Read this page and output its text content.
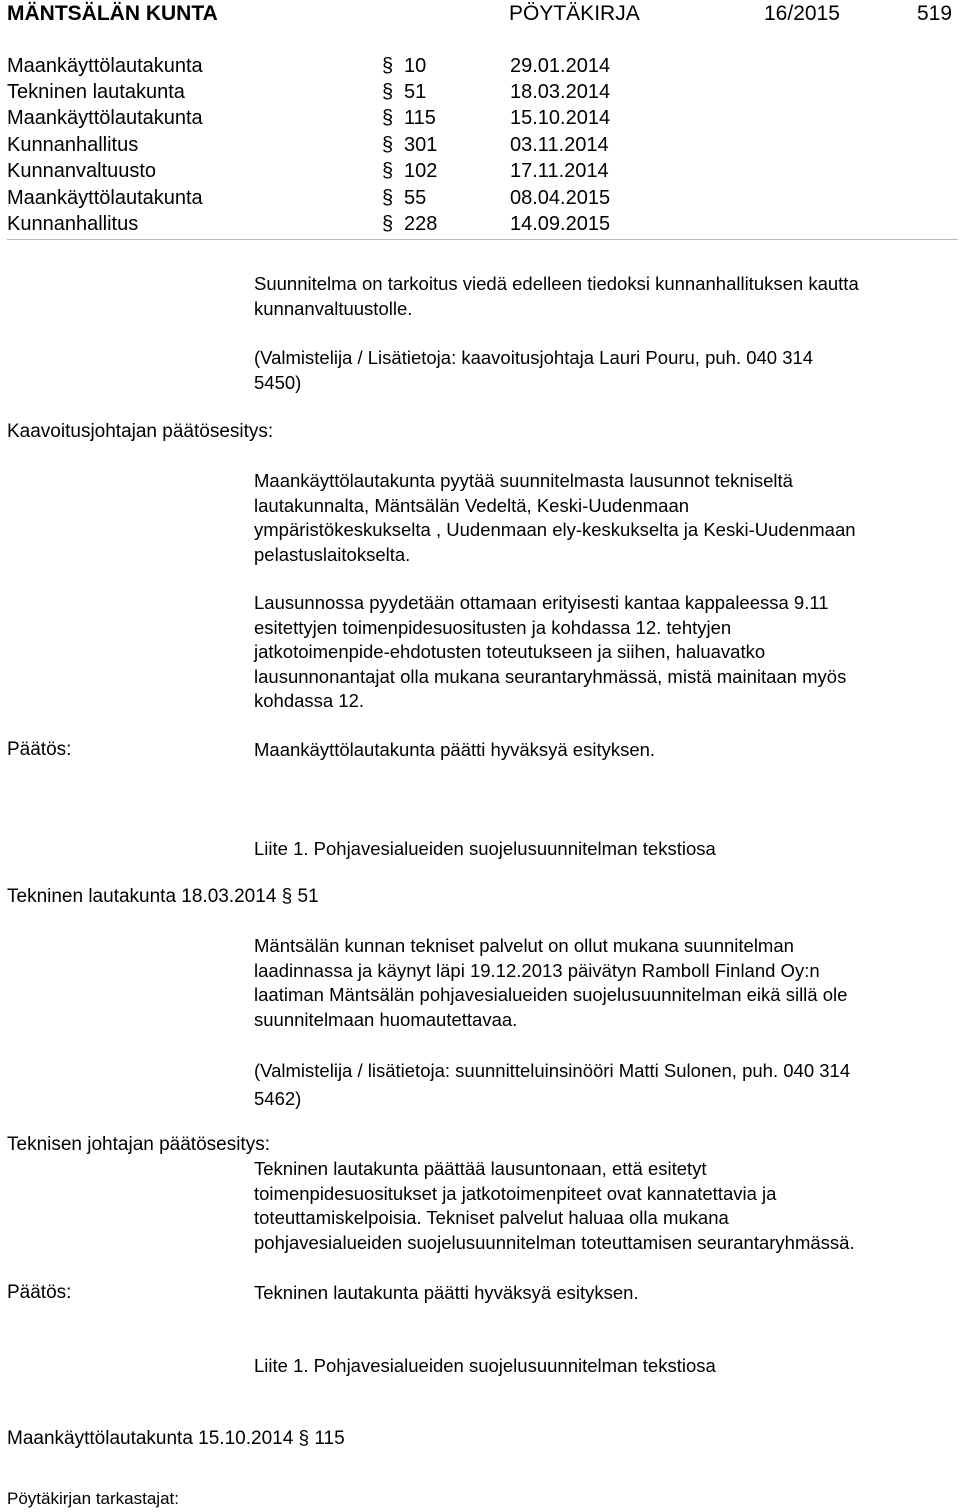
MÄNTSÄLÄN KUNTA	PÖYTÄKIRJA	16/2015	519
Maankäyttölautakunta	§ 10	29.01.2014
Tekninen lautakunta	§ 51	18.03.2014
Maankäyttölautakunta	§ 115	15.10.2014
Kunnanhallitus	§ 301	03.11.2014
Kunnanvaltuusto	§ 102	17.11.2014
Maankäyttölautakunta	§ 55	08.04.2015
Kunnanhallitus	§ 228	14.09.2015

Suunnitelma on tarkoitus viedä edelleen tiedoksi kunnanhallituksen kautta

kunnanvaltuustolle.

(Valmistelija / Lisätietoja: kaavoitusjohtaja Lauri Pouru, puh. 040 314

5450)

Kaavoitusjohtajan päätösesitys:

Maankäyttölautakunta pyytää suunnitelmasta lausunnot tekniseltä

lautakunnalta, Mäntsälän Vedeltä, Keski-Uudenmaan

ympäristökeskukselta , Uudenmaan ely-keskukselta ja Keski-Uudenmaan

pelastuslaitokselta.

Lausunnossa pyydetään ottamaan erityisesti kantaa kappaleessa 9.11

esitettyjen toimenpidesuositusten ja kohdassa 12. tehtyjen

jatkotoimenpide-ehdotusten toteutukseen ja siihen, haluavatko

lausunnonantajat olla mukana seurantaryhmässä, mistä mainitaan myös

kohdassa 12.

Päätös:	Maankäyttölautakunta päätti hyväksyä esityksen.
Liite 1. Pohjavesialueiden suojelusuunnitelman tekstiosa
Tekninen lautakunta 18.03.2014 § 51

Mäntsälän kunnan tekniset palvelut on ollut mukana suunnitelman

laadinnassa ja käynyt läpi 19.12.2013 päivätyn Ramboll Finland Oy:n

laatiman Mäntsälän pohjavesialueiden suojelusuunnitelman eikä sillä ole

suunnitelmaan huomautettavaa.

(Valmistelija / lisätietoja: suunnitteluinsinööri Matti Sulonen, puh. 040 314

5462)

Teknisen johtajan päätösesitys:

Tekninen lautakunta päättää lausuntonaan, että esitetyt

toimenpidesuositukset ja jatkotoimenpiteet ovat kannatettavia ja

toteuttamiskelpoisia. Tekniset palvelut haluaa olla mukana

pohjavesialueiden suojelusuunnitelman toteuttamisen seurantaryhmässä.

Päätös:	Tekninen lautakunta päätti hyväksyä esityksen.
Liite 1. Pohjavesialueiden suojelusuunnitelman tekstiosa
Maankäyttölautakunta 15.10.2014 § 115
Pöytäkirjan tarkastajat:
